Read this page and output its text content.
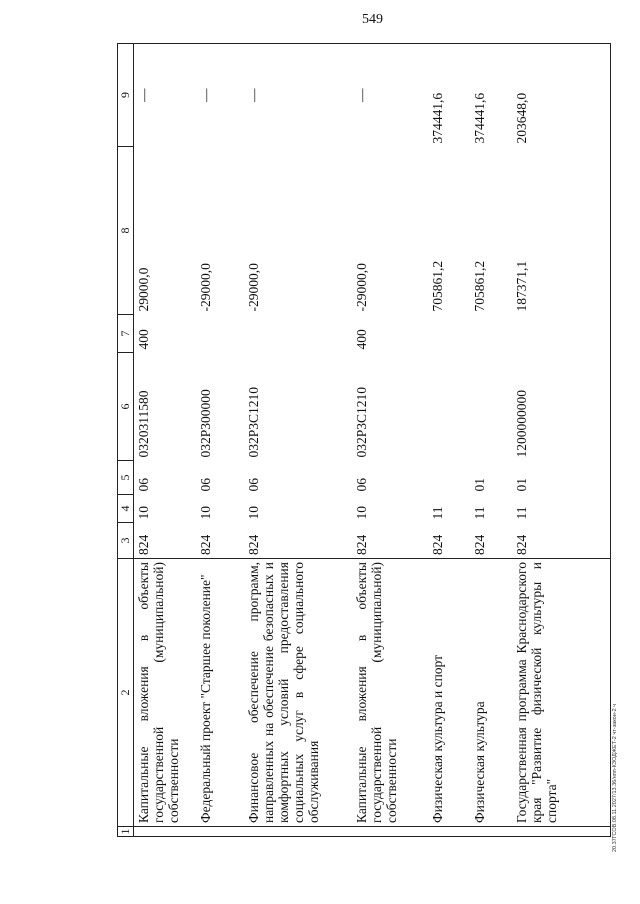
549
20.37ГСОВ.08.11.2027/13.36/нпп-КЗОДЖЕТ-2 чт-закон-2 ч
1	2	3	4	5	6	7	8	9
	Капитальные вложения в объекты государственной (муниципальной) собственности	824	10	06	0320311580	400	29000,0	—
	Федеральный проект "Старшее поколение"	824	10	06	032P300000		-29000,0	—
	Финансовое обеспечение программ, направленных на обеспечение безопасных и комфортных условий предоставления социальных услуг в сфере социального обслуживания	824	10	06	032P3С1210		-29000,0	—
	Капитальные вложения в объекты государственной (муниципальной) собственности	824	10	06	032P3С1210	400	-29000,0	—
	Физическая культура и спорт	824	11				705861,2	374441,6
	Физическая культура	824	11	01			705861,2	374441,6
	Государственная программа Краснодарского края "Развитие физической культуры и спорта"	824	11	01	1200000000		187371,1	203648,0
